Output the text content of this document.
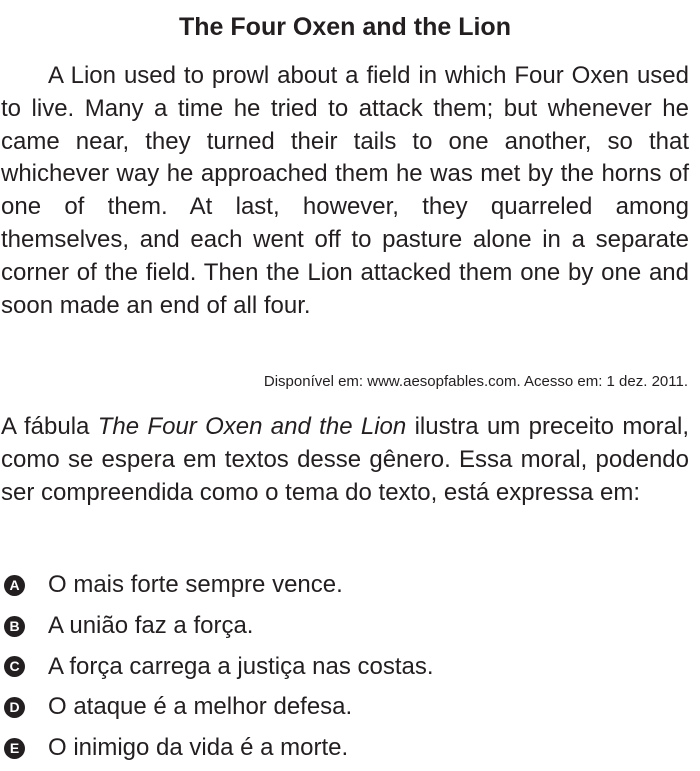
The Four Oxen and the Lion

A Lion used to prowl about a field in which Four Oxen used to live. Many a time he tried to attack them; but whenever he came near, they turned their tails to one another, so that whichever way he approached them he was met by the horns of one of them. At last, however, they quarreled among themselves, and each went off to pasture alone in a separate corner of the field. Then the Lion attacked them one by one and soon made an end of all four.

Disponível em: www.aesopfables.com. Acesso em: 1 dez. 2011.

A fábula The Four Oxen and the Lion ilustra um preceito moral, como se espera em textos desse gênero. Essa moral, podendo ser compreendida como o tema do texto, está expressa em:

A O mais forte sempre vence.
B A união faz a força.
C A força carrega a justiça nas costas.
D O ataque é a melhor defesa.
E O inimigo da vida é a morte.
